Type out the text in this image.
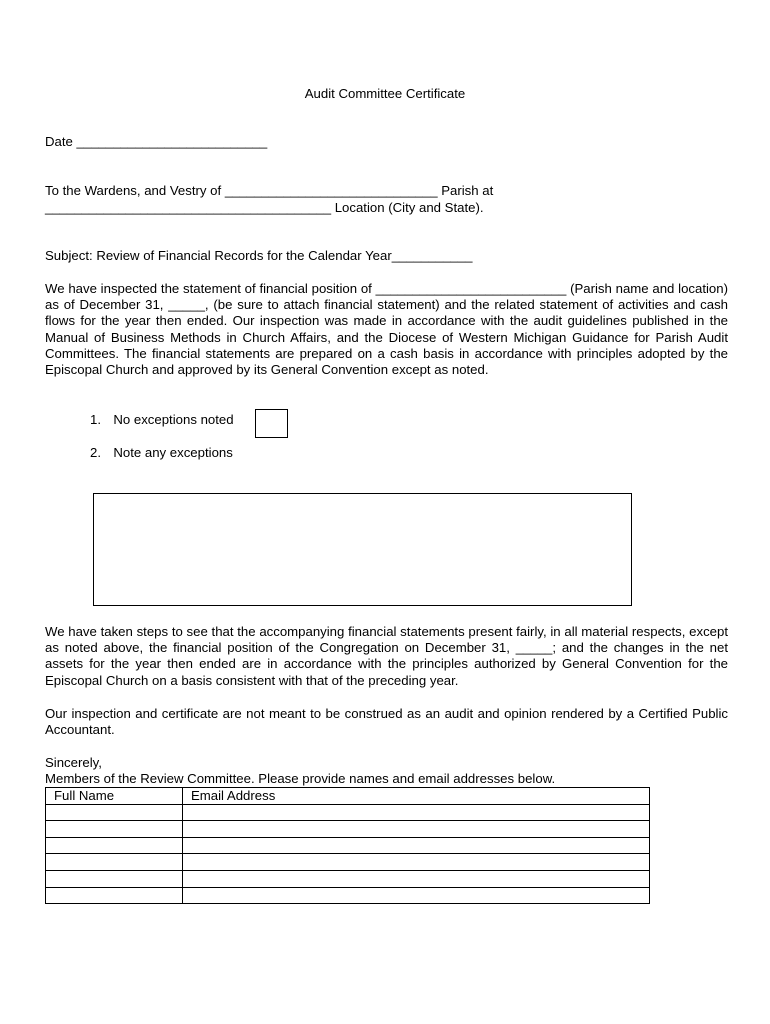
Audit Committee Certificate
Date __________________________
To the Wardens, and Vestry of _____________________________ Parish at
_______________________________________ Location (City and State).
Subject: Review of Financial Records for the Calendar Year___________
We have inspected the statement of financial position of __________________________ (Parish name and location) as of December 31, _____, (be sure to attach financial statement) and the related statement of activities and cash flows for the year then ended. Our inspection was made in accordance with the audit guidelines published in the Manual of Business Methods in Church Affairs, and the Diocese of Western Michigan Guidance for Parish Audit Committees. The financial statements are prepared on a cash basis in accordance with principles adopted by the Episcopal Church and approved by its General Convention except as noted.
1. No exceptions noted
2. Note any exceptions
We have taken steps to see that the accompanying financial statements present fairly, in all material respects, except as noted above, the financial position of the Congregation on December 31, _____; and the changes in the net assets for the year then ended are in accordance with the principles authorized by General Convention for the Episcopal Church on a basis consistent with that of the preceding year.
Our inspection and certificate are not meant to be construed as an audit and opinion rendered by a Certified Public Accountant.
Sincerely,
Members of the Review Committee. Please provide names and email addresses below.
Full Name	Email Address
